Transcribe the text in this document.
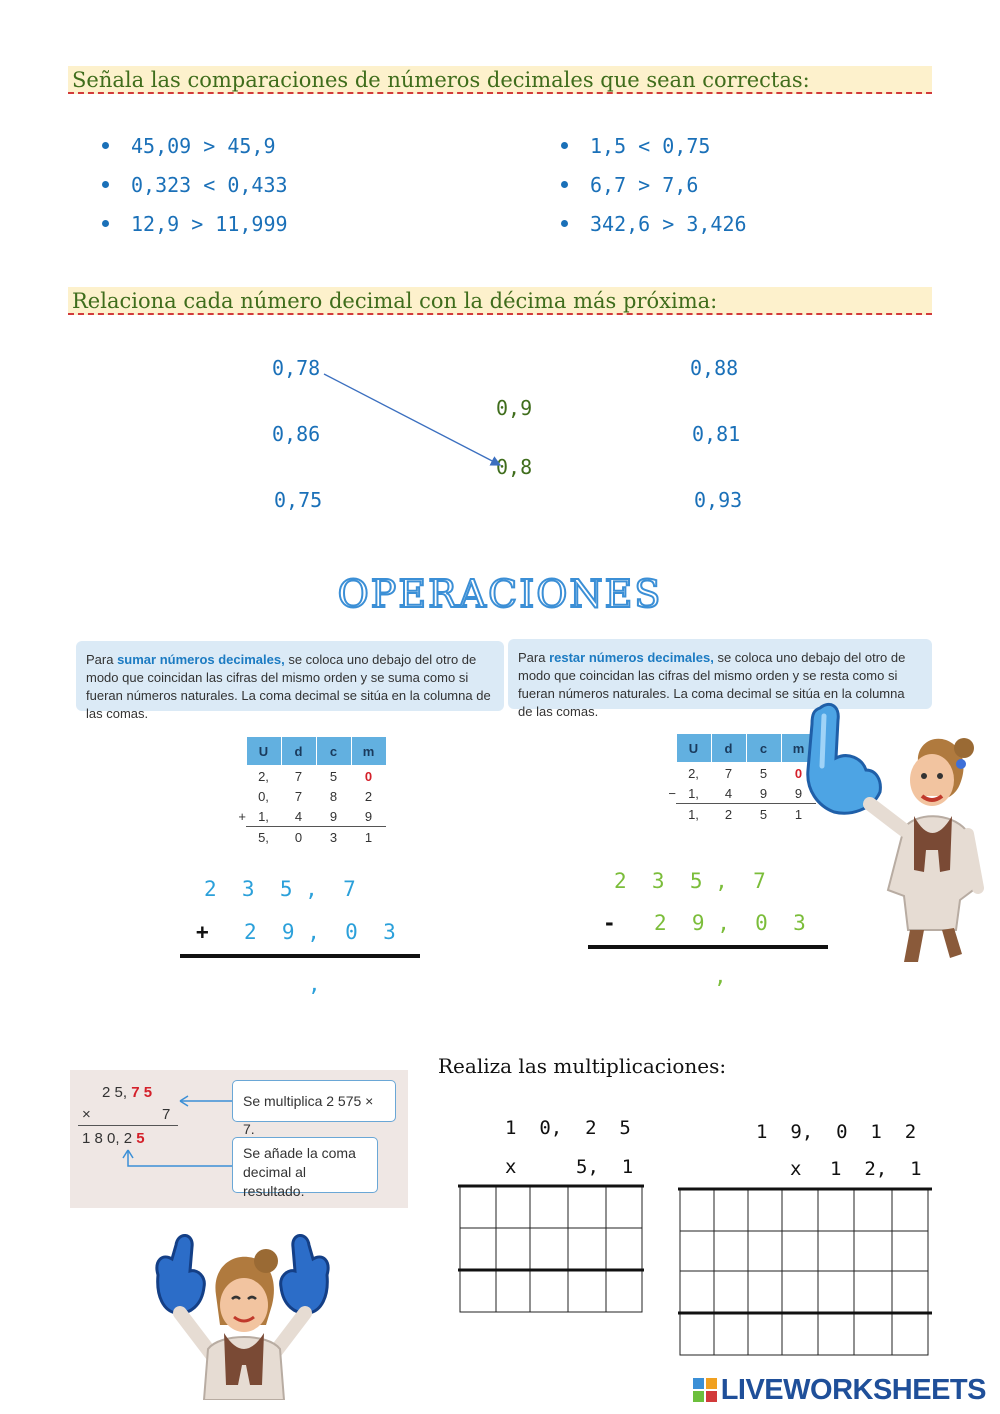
Señala las comparaciones de números decimales que sean correctas:
45,09 > 45,9
0,323 < 0,433
12,9 > 11,999
1,5 < 0,75
6,7 > 7,6
342,6 > 3,426
Relaciona cada número decimal con la décima más próxima:
0,78
0,86
0,75
0,9
0,8
0,88
0,81
0,93
OPERACIONES
Para sumar números decimales, se coloca uno debajo del otro de modo que coincidan las cifras del mismo orden y se suma como si fueran números naturales. La coma decimal se sitúa en la columna de las comas.
Para restar números decimales, se coloca uno debajo del otro de modo que coincidan las cifras del mismo orden y se resta como si fueran números naturales. La coma decimal se sitúa en la columna de las comas.
	U	d	c	m
	2,	7	5	0
	0,	7	8	2
+	1,	4	9	9
	5,	0	3	1
	U	d	c	m
	2,	7	5	0
−	1,	4	9	9
	1,	2	5	1
2  3  5 ,  7
+ 2  9 ,  0  3
,
2  3  5 ,  7
- 2  9 ,  0  3
,
2 5, 7 5
×	7
1 8 0, 2 5
Se multiplica 2 575 × 7.
Se añade la coma decimal al resultado.
Realiza las multiplicaciones:
1  0,  2  5
x	5,  1
1  9,  0  1  2
x 1  2,  1
LIVEWORKSHEETS
